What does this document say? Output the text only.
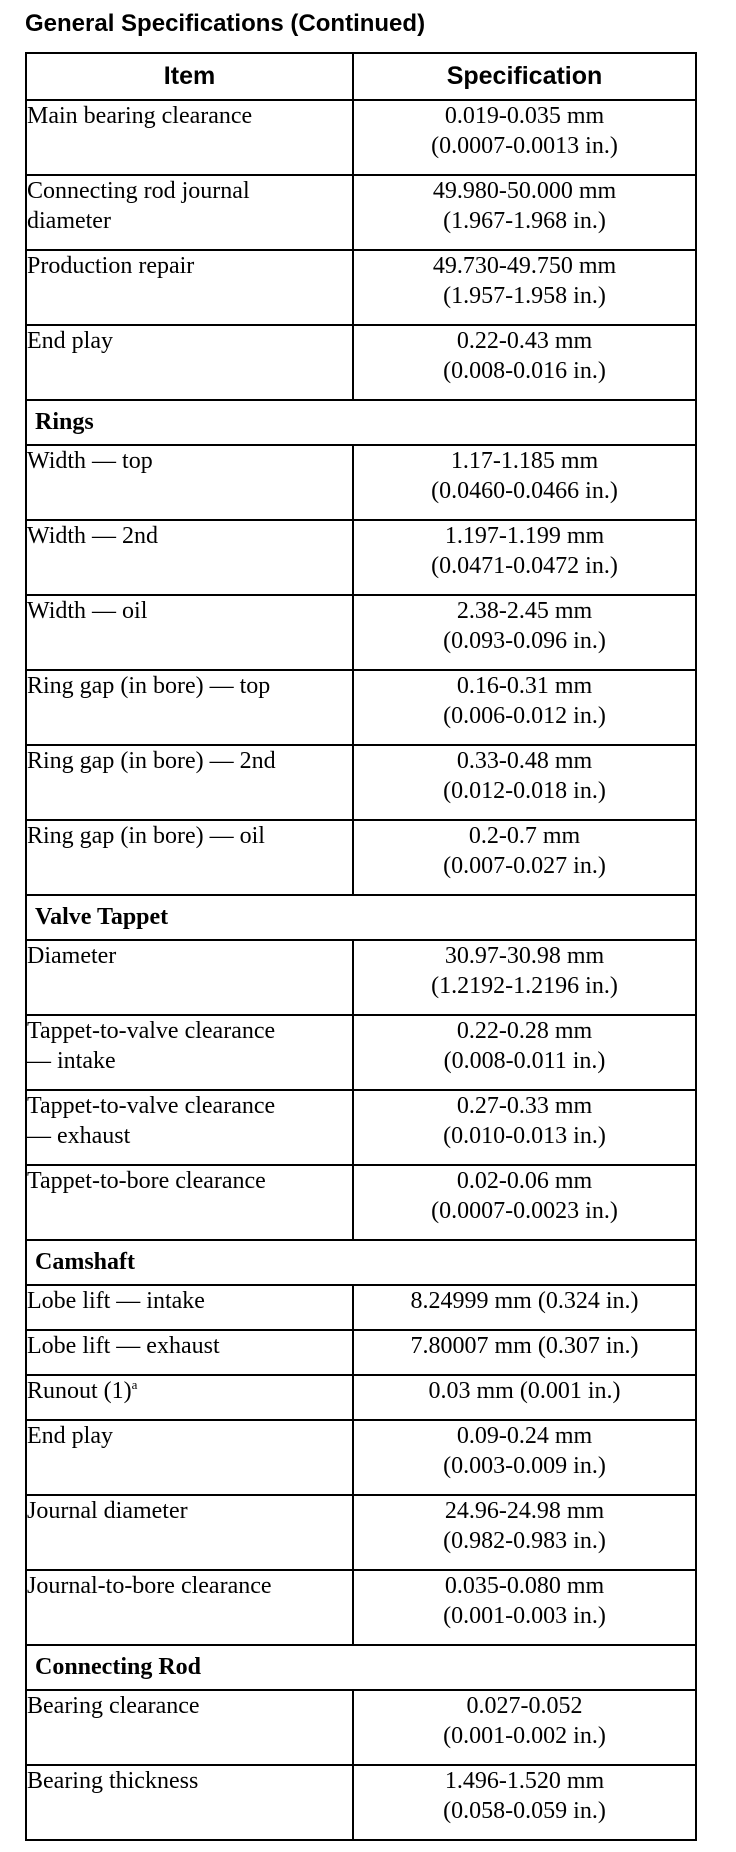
General Specifications (Continued)
Item	Specification

Main bearing clearance	0.019-0.035 mm
(0.0007-0.0013 in.)

Connecting rod journal
diameter	49.980-50.000 mm
(1.967-1.968 in.)

Production repair	49.730-49.750 mm
(1.957-1.958 in.)

End play	0.22-0.43 mm
(0.008-0.016 in.)

Rings	

Width — top	1.17-1.185 mm
(0.0460-0.0466 in.)

Width — 2nd	1.197-1.199 mm
(0.0471-0.0472 in.)

Width — oil	2.38-2.45 mm
(0.093-0.096 in.)

Ring gap (in bore) — top	0.16-0.31 mm
(0.006-0.012 in.)

Ring gap (in bore) — 2nd	0.33-0.48 mm
(0.012-0.018 in.)

Ring gap (in bore) — oil	0.2-0.7 mm
(0.007-0.027 in.)

Valve Tappet	

Diameter	30.97-30.98 mm
(1.2192-1.2196 in.)

Tappet-to-valve clearance
— intake	0.22-0.28 mm
(0.008-0.011 in.)

Tappet-to-valve clearance
— exhaust	0.27-0.33 mm
(0.010-0.013 in.)

Tappet-to-bore clearance	0.02-0.06 mm
(0.0007-0.0023 in.)

Camshaft	

Lobe lift — intake	8.24999 mm (0.324 in.)

Lobe lift — exhaust	7.80007 mm (0.307 in.)

Runout (1)$^a$	0.03 mm (0.001 in.)

End play	0.09-0.24 mm
(0.003-0.009 in.)

Journal diameter	24.96-24.98 mm
(0.982-0.983 in.)

Journal-to-bore clearance	0.035-0.080 mm
(0.001-0.003 in.)

Connecting Rod	

Bearing clearance	0.027-0.052
(0.001-0.002 in.)

Bearing thickness	1.496-1.520 mm
(0.058-0.059 in.)
